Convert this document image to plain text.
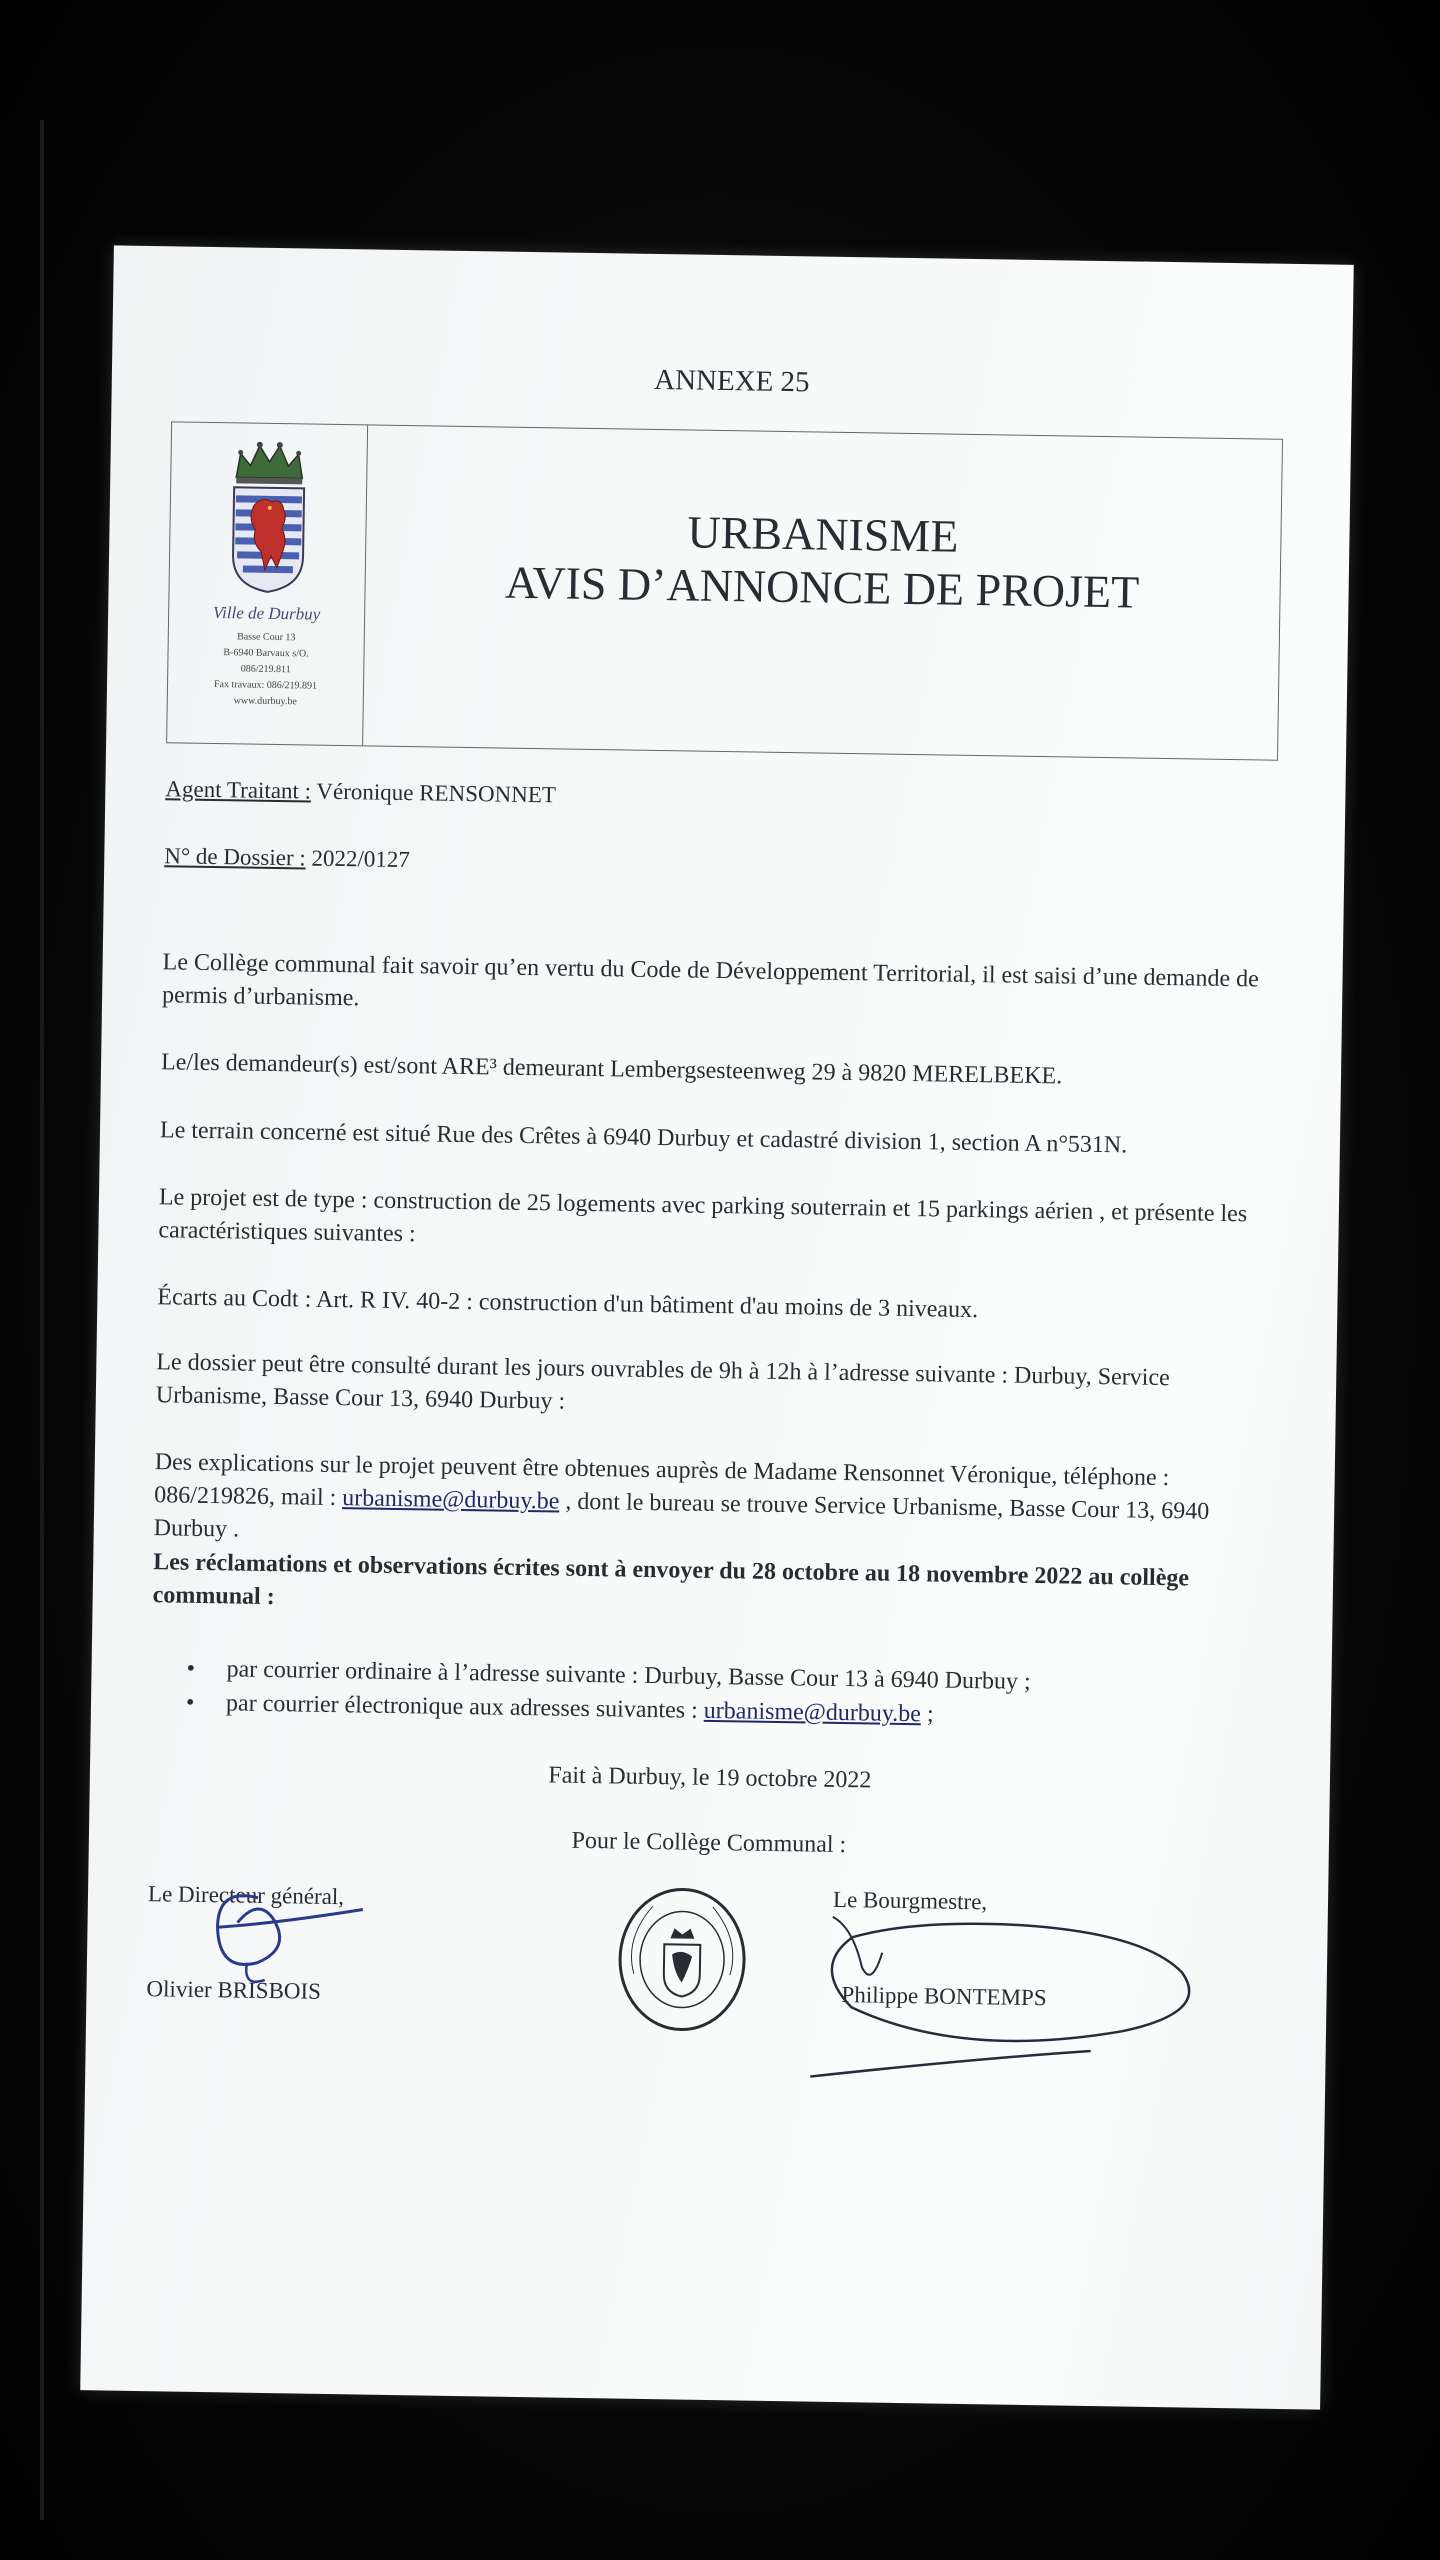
ANNEXE 25
Ville de Durbuy
Basse Cour 13
B-6940 Barvaux s/O.
086/219.811
Fax travaux: 086/219.891
www.durbuy.be
URBANISME
AVIS D’ANNONCE DE PROJET
Agent Traitant : Véronique RENSONNET
N° de Dossier : 2022/0127
Le Collège communal fait savoir qu’en vertu du Code de Développement Territorial, il est saisi d’une demande de permis d’urbanisme.
Le/les demandeur(s) est/sont ARE³ demeurant Lembergsesteenweg 29 à 9820 MERELBEKE.
Le terrain concerné est situé Rue des Crêtes à 6940 Durbuy et cadastré division 1, section A n°531N.
Le projet est de type : construction de 25 logements avec parking souterrain et 15 parkings aérien , et présente les caractéristiques suivantes :
Écarts au Codt : Art. R IV. 40-2 : construction d'un bâtiment d'au moins de 3 niveaux.
Le dossier peut être consulté durant les jours ouvrables de 9h à 12h à l’adresse suivante : Durbuy, Service Urbanisme, Basse Cour 13, 6940 Durbuy :
Des explications sur le projet peuvent être obtenues auprès de Madame Rensonnet Véronique, téléphone : 086/219826, mail : urbanisme@durbuy.be , dont le bureau se trouve Service Urbanisme, Basse Cour 13, 6940 Durbuy .
Les réclamations et observations écrites sont à envoyer du 28 octobre au 18 novembre 2022 au collège communal :
• par courrier ordinaire à l’adresse suivante : Durbuy, Basse Cour 13 à 6940 Durbuy ;
• par courrier électronique aux adresses suivantes : urbanisme@durbuy.be ;
Fait à Durbuy, le 19 octobre 2022
Pour le Collège Communal :
Le Directeur général,
Olivier BRISBOIS
Le Bourgmestre,
Philippe BONTEMPS
